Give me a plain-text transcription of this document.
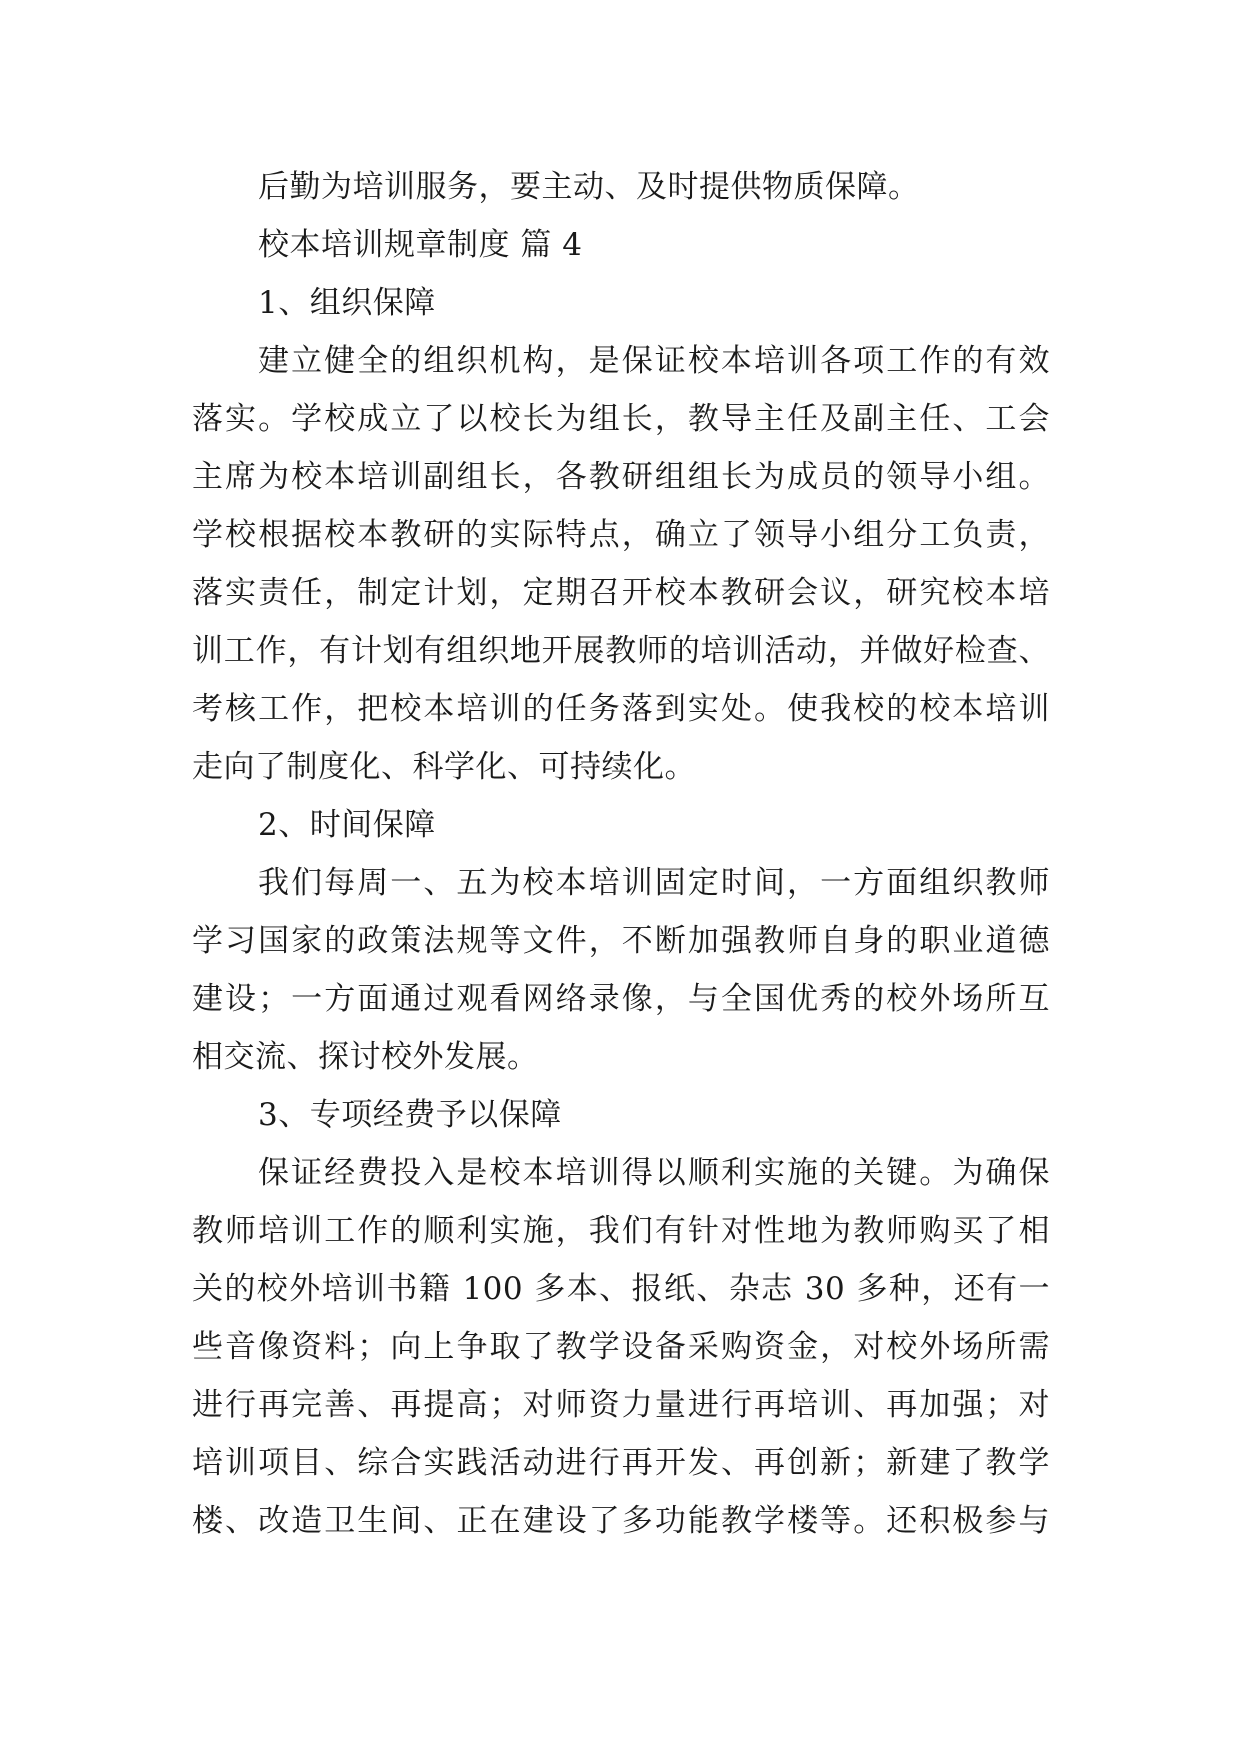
后勤为培训服务，要主动、及时提供物质保障。
校本培训规章制度 篇 4
1、组织保障
建立健全的组织机构，是保证校本培训各项工作的有效
落实。学校成立了以校长为组长，教导主任及副主任、工会
主席为校本培训副组长，各教研组组长为成员的领导小组。
学校根据校本教研的实际特点，确立了领导小组分工负责，
落实责任，制定计划，定期召开校本教研会议，研究校本培
训工作，有计划有组织地开展教师的培训活动，并做好检查、
考核工作，把校本培训的任务落到实处。使我校的校本培训
走向了制度化、科学化、可持续化。
2、时间保障
我们每周一、五为校本培训固定时间，一方面组织教师
学习国家的政策法规等文件，不断加强教师自身的职业道德
建设；一方面通过观看网络录像，与全国优秀的校外场所互
相交流、探讨校外发展。
3、专项经费予以保障
保证经费投入是校本培训得以顺利实施的关键。为确保
教师培训工作的顺利实施，我们有针对性地为教师购买了相
关的校外培训书籍 100 多本、报纸、杂志 30 多种，还有一
些音像资料；向上争取了教学设备采购资金，对校外场所需
进行再完善、再提高；对师资力量进行再培训、再加强；对
培训项目、综合实践活动进行再开发、再创新；新建了教学
楼、改造卫生间、正在建设了多功能教学楼等。还积极参与
